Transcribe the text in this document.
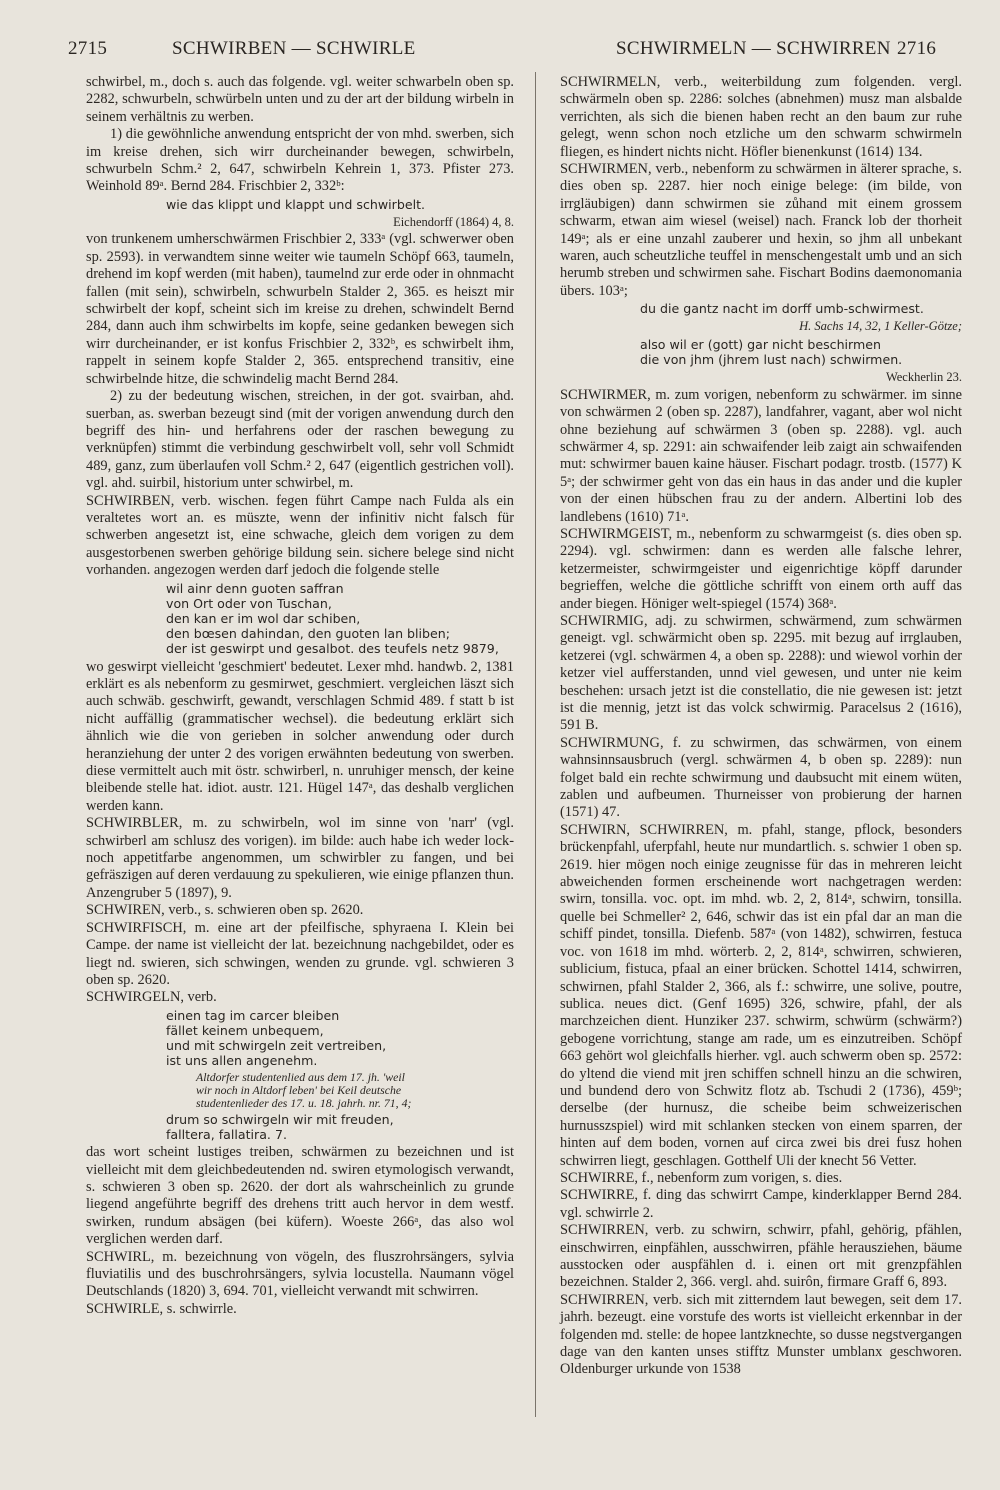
2715	SCHWIRBEN — SCHWIRLE	SCHWIRMELN — SCHWIRREN 2716

schwirbel, m., doch s. auch das folgende. vgl. weiter schwarbeln oben sp. 2282, schwurbeln, schwürbeln unten und zu der art der bildung wirbeln in seinem verhältnis zu werben.

1) die gewöhnliche anwendung entspricht der von mhd. swerben, sich im kreise drehen, sich wirr durcheinander bewegen, schwirbeln, schwurbeln Schm.² 2, 647, schwirbeln Kehrein 1, 373. Pfister 273. Weinhold 89ᵃ. Bernd 284. Frischbier 2, 332ᵇ:

wie das klippt und klappt und schwirbelt.
Eichendorff (1864) 4, 8.

von trunkenem umherschwärmen Frischbier 2, 333ᵃ (vgl. schwerwer oben sp. 2593). in verwandtem sinne weiter wie taumeln Schöpf 663, taumeln, drehend im kopf werden (mit haben), taumelnd zur erde oder in ohnmacht fallen (mit sein), schwirbeln, schwurbeln Stalder 2, 365. es heiszt mir schwirbelt der kopf, scheint sich im kreise zu drehen, schwindelt Bernd 284, dann auch ihm schwirbelts im kopfe, seine gedanken bewegen sich wirr durcheinander, er ist konfus Frischbier 2, 332ᵇ, es schwirbelt ihm, rappelt in seinem kopfe Stalder 2, 365. entsprechend transitiv, eine schwirbelnde hitze, die schwindelig macht Bernd 284.

2) zu der bedeutung wischen, streichen, in der got. svairban, ahd. suerban, as. swerban bezeugt sind (mit der vorigen anwendung durch den begriff des hin- und herfahrens oder der raschen bewegung zu verknüpfen) stimmt die verbindung geschwirbelt voll, sehr voll Schmidt 489, ganz, zum überlaufen voll Schm.² 2, 647 (eigentlich gestrichen voll). vgl. ahd. suirbil, historium unter schwirbel, m.

SCHWIRBEN, verb. wischen. fegen führt Campe nach Fulda als ein veraltetes wort an. es müszte, wenn der infinitiv nicht falsch für schwerben angesetzt ist, eine schwache, gleich dem vorigen zu dem ausgestorbenen swerben gehörige bildung sein. sichere belege sind nicht vorhanden. angezogen werden darf jedoch die folgende stelle

wil ainr denn guoten saffran
von Ort oder von Tuschan,
den kan er im wol dar schiben,
den bœsen dahindan, den guoten lan bliben;
der ist geswirpt und gesalbot. des teufels netz 9879,

wo geswirpt vielleicht 'geschmiert' bedeutet. Lexer mhd. handwb. 2, 1381 erklärt es als nebenform zu gesmirwet, geschmiert. vergleichen läszt sich auch schwäb. geschwirft, gewandt, verschlagen Schmid 489. f statt b ist nicht auffällig (grammatischer wechsel). die bedeutung erklärt sich ähnlich wie die von gerieben in solcher anwendung oder durch heranziehung der unter 2 des vorigen erwähnten bedeutung von swerben. diese vermittelt auch mit östr. schwirberl, n. unruhiger mensch, der keine bleibende stelle hat. idiot. austr. 121. Hügel 147ᵃ, das deshalb verglichen werden kann.

SCHWIRBLER, m. zu schwirbeln, wol im sinne von 'narr' (vgl. schwirberl am schlusz des vorigen). im bilde: auch habe ich weder lock- noch appetitfarbe angenommen, um schwirbler zu fangen, und bei gefräszigen auf deren verdauung zu spekulieren, wie einige pflanzen thun. Anzengruber 5 (1897), 9.

SCHWIREN, verb., s. schwieren oben sp. 2620.

SCHWIRFISCH, m. eine art der pfeilfische, sphyraena I. Klein bei Campe. der name ist vielleicht der lat. bezeichnung nachgebildet, oder es liegt nd. swieren, sich schwingen, wenden zu grunde. vgl. schwieren 3 oben sp. 2620.

SCHWIRGELN, verb.

einen tag im carcer bleiben
fället keinem unbequem,
und mit schwirgeln zeit vertreiben,
ist uns allen angenehm.
Altdorfer studentenlied aus dem 17. jh. 'weil
wir noch in Altdorf leben' bei Keil deutsche
studentenlieder des 17. u. 18. jahrh. nr. 71, 4;
drum so schwirgeln wir mit freuden,
falltera, fallatira. 7.

das wort scheint lustiges treiben, schwärmen zu bezeichnen und ist vielleicht mit dem gleichbedeutenden nd. swiren etymologisch verwandt, s. schwieren 3 oben sp. 2620. der dort als wahrscheinlich zu grunde liegend angeführte begriff des drehens tritt auch hervor in dem westf. swirken, rundum absägen (bei küfern). Woeste 266ᵃ, das also wol verglichen werden darf.

SCHWIRL, m. bezeichnung von vögeln, des fluszrohrsängers, sylvia fluviatilis und des buschrohrsängers, sylvia locustella. Naumann vögel Deutschlands (1820) 3, 694. 701, vielleicht verwandt mit schwirren.

SCHWIRLE, s. schwirrle.

SCHWIRMELN, verb., weiterbildung zum folgenden. vergl. schwärmeln oben sp. 2286: solches (abnehmen) musz man alsbalde verrichten, als sich die bienen haben recht an den baum zur ruhe gelegt, wenn schon noch etzliche um den schwarm schwirmeln fliegen, es hindert nichts nicht. Höfler bienenkunst (1614) 134.

SCHWIRMEN, verb., nebenform zu schwärmen in älterer sprache, s. dies oben sp. 2287. hier noch einige belege: (im bilde, von irrgläubigen) dann schwirmen sie zůhand mit einem grossem schwarm, etwan aim wiesel (weisel) nach. Franck lob der thorheit 149ᵃ; als er eine unzahl zauberer und hexin, so jhm all unbekant waren, auch scheutzliche teuffel in menschengestalt umb und an sich herumb streben und schwirmen sahe. Fischart Bodins daemonomania übers. 103ᵃ;

du die gantz nacht im dorff umb-schwirmest.
H. Sachs 14, 32, 1 Keller-Götze;
also wil er (gott) gar nicht beschirmen
die von jhm (jhrem lust nach) schwirmen.
Weckherlin 23.

SCHWIRMER, m. zum vorigen, nebenform zu schwärmer. im sinne von schwärmen 2 (oben sp. 2287), landfahrer, vagant, aber wol nicht ohne beziehung auf schwärmen 3 (oben sp. 2288). vgl. auch schwärmer 4, sp. 2291: ain schwaifender leib zaigt ain schwaifenden mut: schwirmer bauen kaine häuser. Fischart podagr. trostb. (1577) K 5ᵃ; der schwirmer geht von das ein haus in das ander und die kupler von der einen hübschen frau zu der andern. Albertini lob des landlebens (1610) 71ᵃ.

SCHWIRMGEIST, m., nebenform zu schwarmgeist (s. dies oben sp. 2294). vgl. schwirmen: dann es werden alle falsche lehrer, ketzermeister, schwirmgeister und eigenrichtige köpff darunder begrieffen, welche die göttliche schrifft von einem orth auff das ander biegen. Höniger welt-spiegel (1574) 368ᵃ.

SCHWIRMIG, adj. zu schwirmen, schwärmend, zum schwärmen geneigt. vgl. schwärmicht oben sp. 2295. mit bezug auf irrglauben, ketzerei (vgl. schwärmen 4, a oben sp. 2288): und wiewol vorhin der ketzer viel aufferstanden, unnd viel gewesen, und unter nie keim beschehen: ursach jetzt ist die constellatio, die nie gewesen ist: jetzt ist die mennig, jetzt ist das volck schwirmig. Paracelsus 2 (1616), 591 B.

SCHWIRMUNG, f. zu schwirmen, das schwärmen, von einem wahnsinnsausbruch (vergl. schwärmen 4, b oben sp. 2289): nun folget bald ein rechte schwirmung und daubsucht mit einem wüten, zablen und aufbeumen. Thurneisser von probierung der harnen (1571) 47.

SCHWIRN, SCHWIRREN, m. pfahl, stange, pflock, besonders brückenpfahl, uferpfahl, heute nur mundartlich. s. schwier 1 oben sp. 2619. hier mögen noch einige zeugnisse für das in mehreren leicht abweichenden formen erscheinende wort nachgetragen werden: swirn, tonsilla. voc. opt. im mhd. wb. 2, 2, 814ᵃ, schwirn, tonsilla. quelle bei Schmeller² 2, 646, schwir das ist ein pfal dar an man die schiff pindet, tonsilla. Diefenb. 587ᵃ (von 1482), schwirren, festuca voc. von 1618 im mhd. wörterb. 2, 2, 814ᵃ, schwirren, schwieren, sublicium, fistuca, pfaal an einer brücken. Schottel 1414, schwirren, schwirnen, pfahl Stalder 2, 366, als f.: schwirre, une solive, poutre, sublica. neues dict. (Genf 1695) 326, schwire, pfahl, der als marchzeichen dient. Hunziker 237. schwirm, schwürm (schwärm?) gebogene vorrichtung, stange am rade, um es einzutreiben. Schöpf 663 gehört wol gleichfalls hierher. vgl. auch schwerm oben sp. 2572: do yltend die viend mit jren schiffen schnell hinzu an die schwiren, und bundend dero von Schwitz flotz ab. Tschudi 2 (1736), 459ᵇ; derselbe (der hurnusz, die scheibe beim schweizerischen hurnusszspiel) wird mit schlanken stecken von einem sparren, der hinten auf dem boden, vornen auf circa zwei bis drei fusz hohen schwirren liegt, geschlagen. Gotthelf Uli der knecht 56 Vetter.

SCHWIRRE, f., nebenform zum vorigen, s. dies.

SCHWIRRE, f. ding das schwirrt Campe, kinderklapper Bernd 284. vgl. schwirrle 2.

SCHWIRREN, verb. zu schwirn, schwirr, pfahl, gehörig, pfählen, einschwirren, einpfählen, ausschwirren, pfähle herausziehen, bäume ausstocken oder auspfählen d. i. einen ort mit grenzpfählen bezeichnen. Stalder 2, 366. vergl. ahd. suirôn, firmare Graff 6, 893.

SCHWIRREN, verb. sich mit zitterndem laut bewegen, seit dem 17. jahrh. bezeugt. eine vorstufe des worts ist vielleicht erkennbar in der folgenden md. stelle: de hopee lantzknechte, so dusse negstvergangen dage van den kanten unses stifftz Munster umblanx geschworen. Oldenburger urkunde von 1538
